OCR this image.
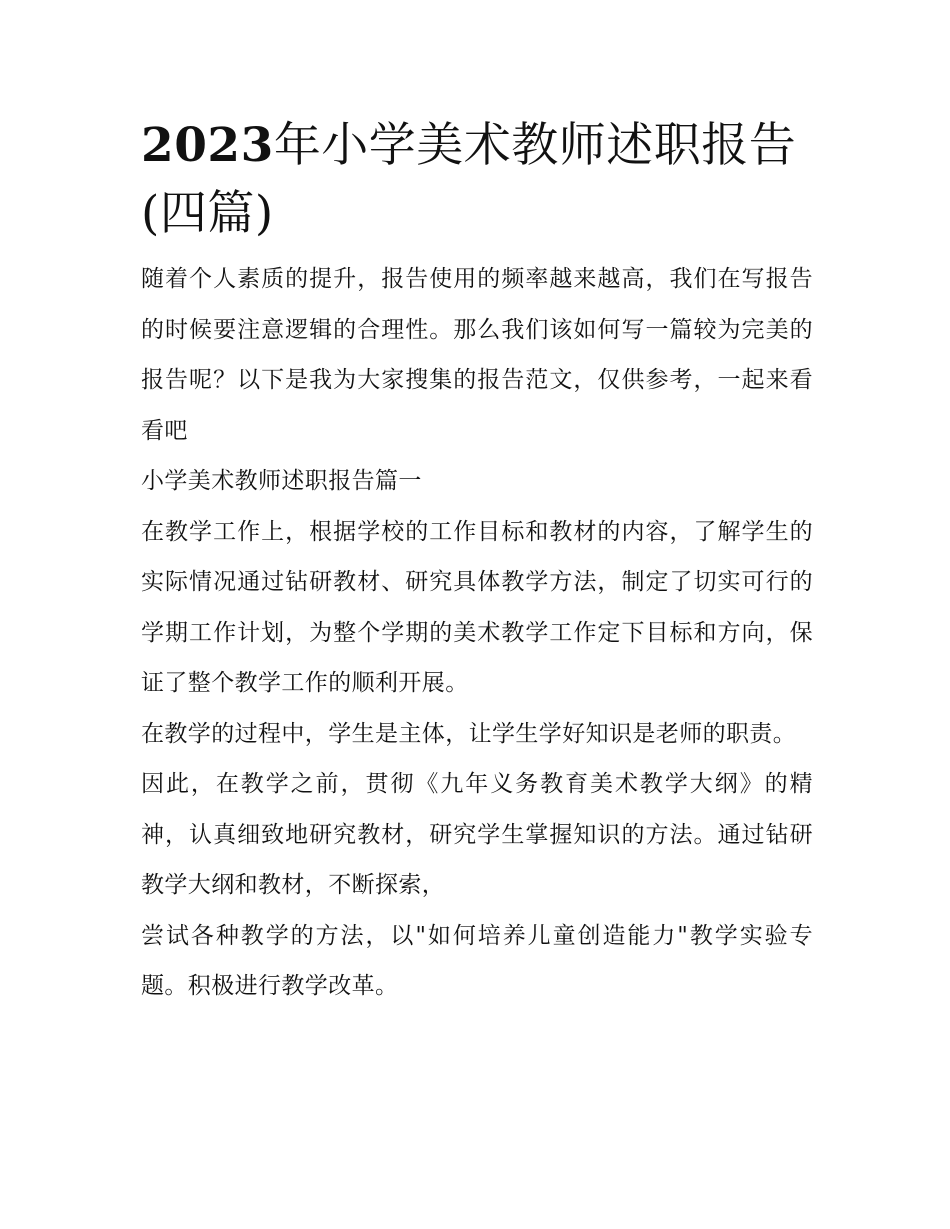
2023年小学美术教师述职报告(四篇)

随着个人素质的提升，报告使用的频率越来越高，我们在写报告的时候要注意逻辑的合理性。那么我们该如何写一篇较为完美的报告呢？以下是我为大家搜集的报告范文，仅供参考，一起来看看吧

小学美术教师述职报告篇一

在教学工作上，根据学校的工作目标和教材的内容，了解学生的实际情况通过钻研教材、研究具体教学方法，制定了切实可行的学期工作计划，为整个学期的美术教学工作定下目标和方向，保证了整个教学工作的顺利开展。

在教学的过程中，学生是主体，让学生学好知识是老师的职责。

因此，在教学之前，贯彻《九年义务教育美术教学大纲》的精神，认真细致地研究教材，研究学生掌握知识的方法。通过钻研教学大纲和教材，不断探索，

尝试各种教学的方法，以"如何培养儿童创造能力"教学实验专题。积极进行教学改革。
